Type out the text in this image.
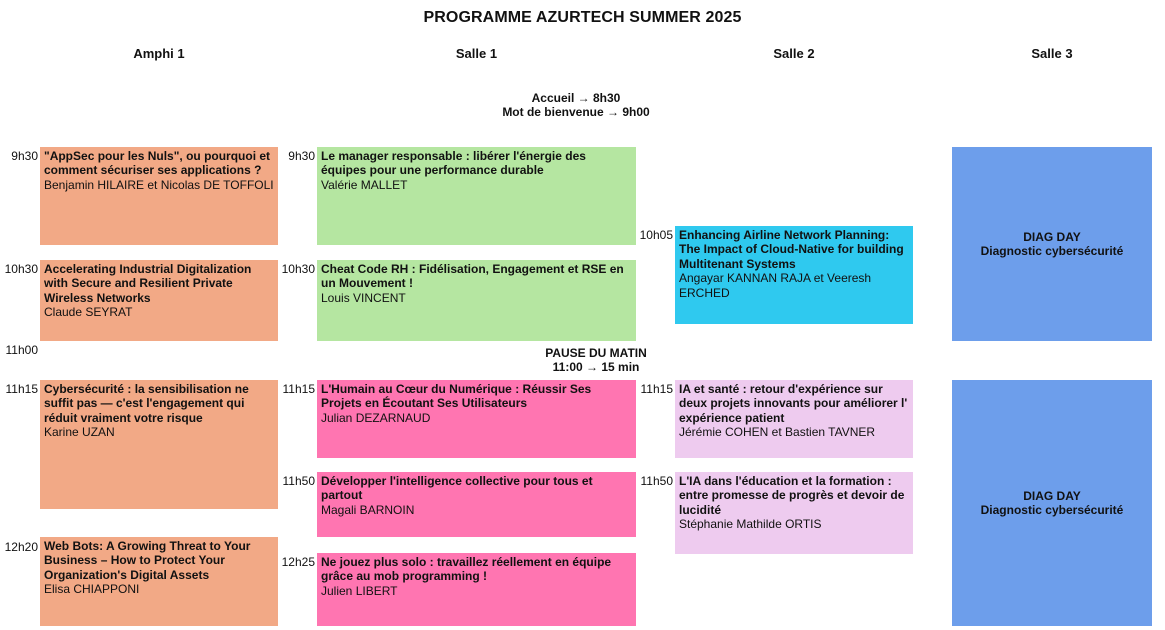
PROGRAMME AZURTECH SUMMER 2025
Amphi 1	Salle 1	Salle 2	Salle 3
Accueil → 8h30
Mot de bienvenue → 9h00
9h30 "AppSec pour les Nuls", ou pourquoi et comment sécuriser ses applications ?
Benjamin HILAIRE et Nicolas DE TOFFOLI
10h30 Accelerating Industrial Digitalization with Secure and Resilient Private Wireless Networks
Claude SEYRAT
11h15 Cybersécurité : la sensibilisation ne suffit pas — c'est l'engagement qui réduit vraiment votre risque
Karine UZAN
12h20 Web Bots: A Growing Threat to Your Business – How to Protect Your Organization's Digital Assets
Elisa CHIAPPONI
11h00	PAUSE DU MATIN
11:00 → 15 min
9h30 Le manager responsable : libérer l'énergie des équipes pour une performance durable
Valérie MALLET
10h30 Cheat Code RH : Fidélisation, Engagement et RSE en un Mouvement !
Louis VINCENT
11h15 L'Humain au Cœur du Numérique : Réussir Ses Projets en Écoutant Ses Utilisateurs
Julian DEZARNAUD
11h50 Développer l'intelligence collective pour tous et partout
Magali BARNOIN
12h25 Ne jouez plus solo : travaillez réellement en équipe grâce au mob programming !
Julien LIBERT
10h05 Enhancing Airline Network Planning: The Impact of Cloud-Native for building Multitenant Systems
Angayar KANNAN RAJA et Veeresh ERCHED
11h15 IA et santé : retour d'expérience sur deux projets innovants pour améliorer l' expérience patient
Jérémie COHEN et Bastien TAVNER
11h50 L'IA dans l'éducation et la formation : entre promesse de progrès et devoir de lucidité
Stéphanie Mathilde ORTIS
DIAG DAY
Diagnostic cybersécurité
DIAG DAY
Diagnostic cybersécurité
